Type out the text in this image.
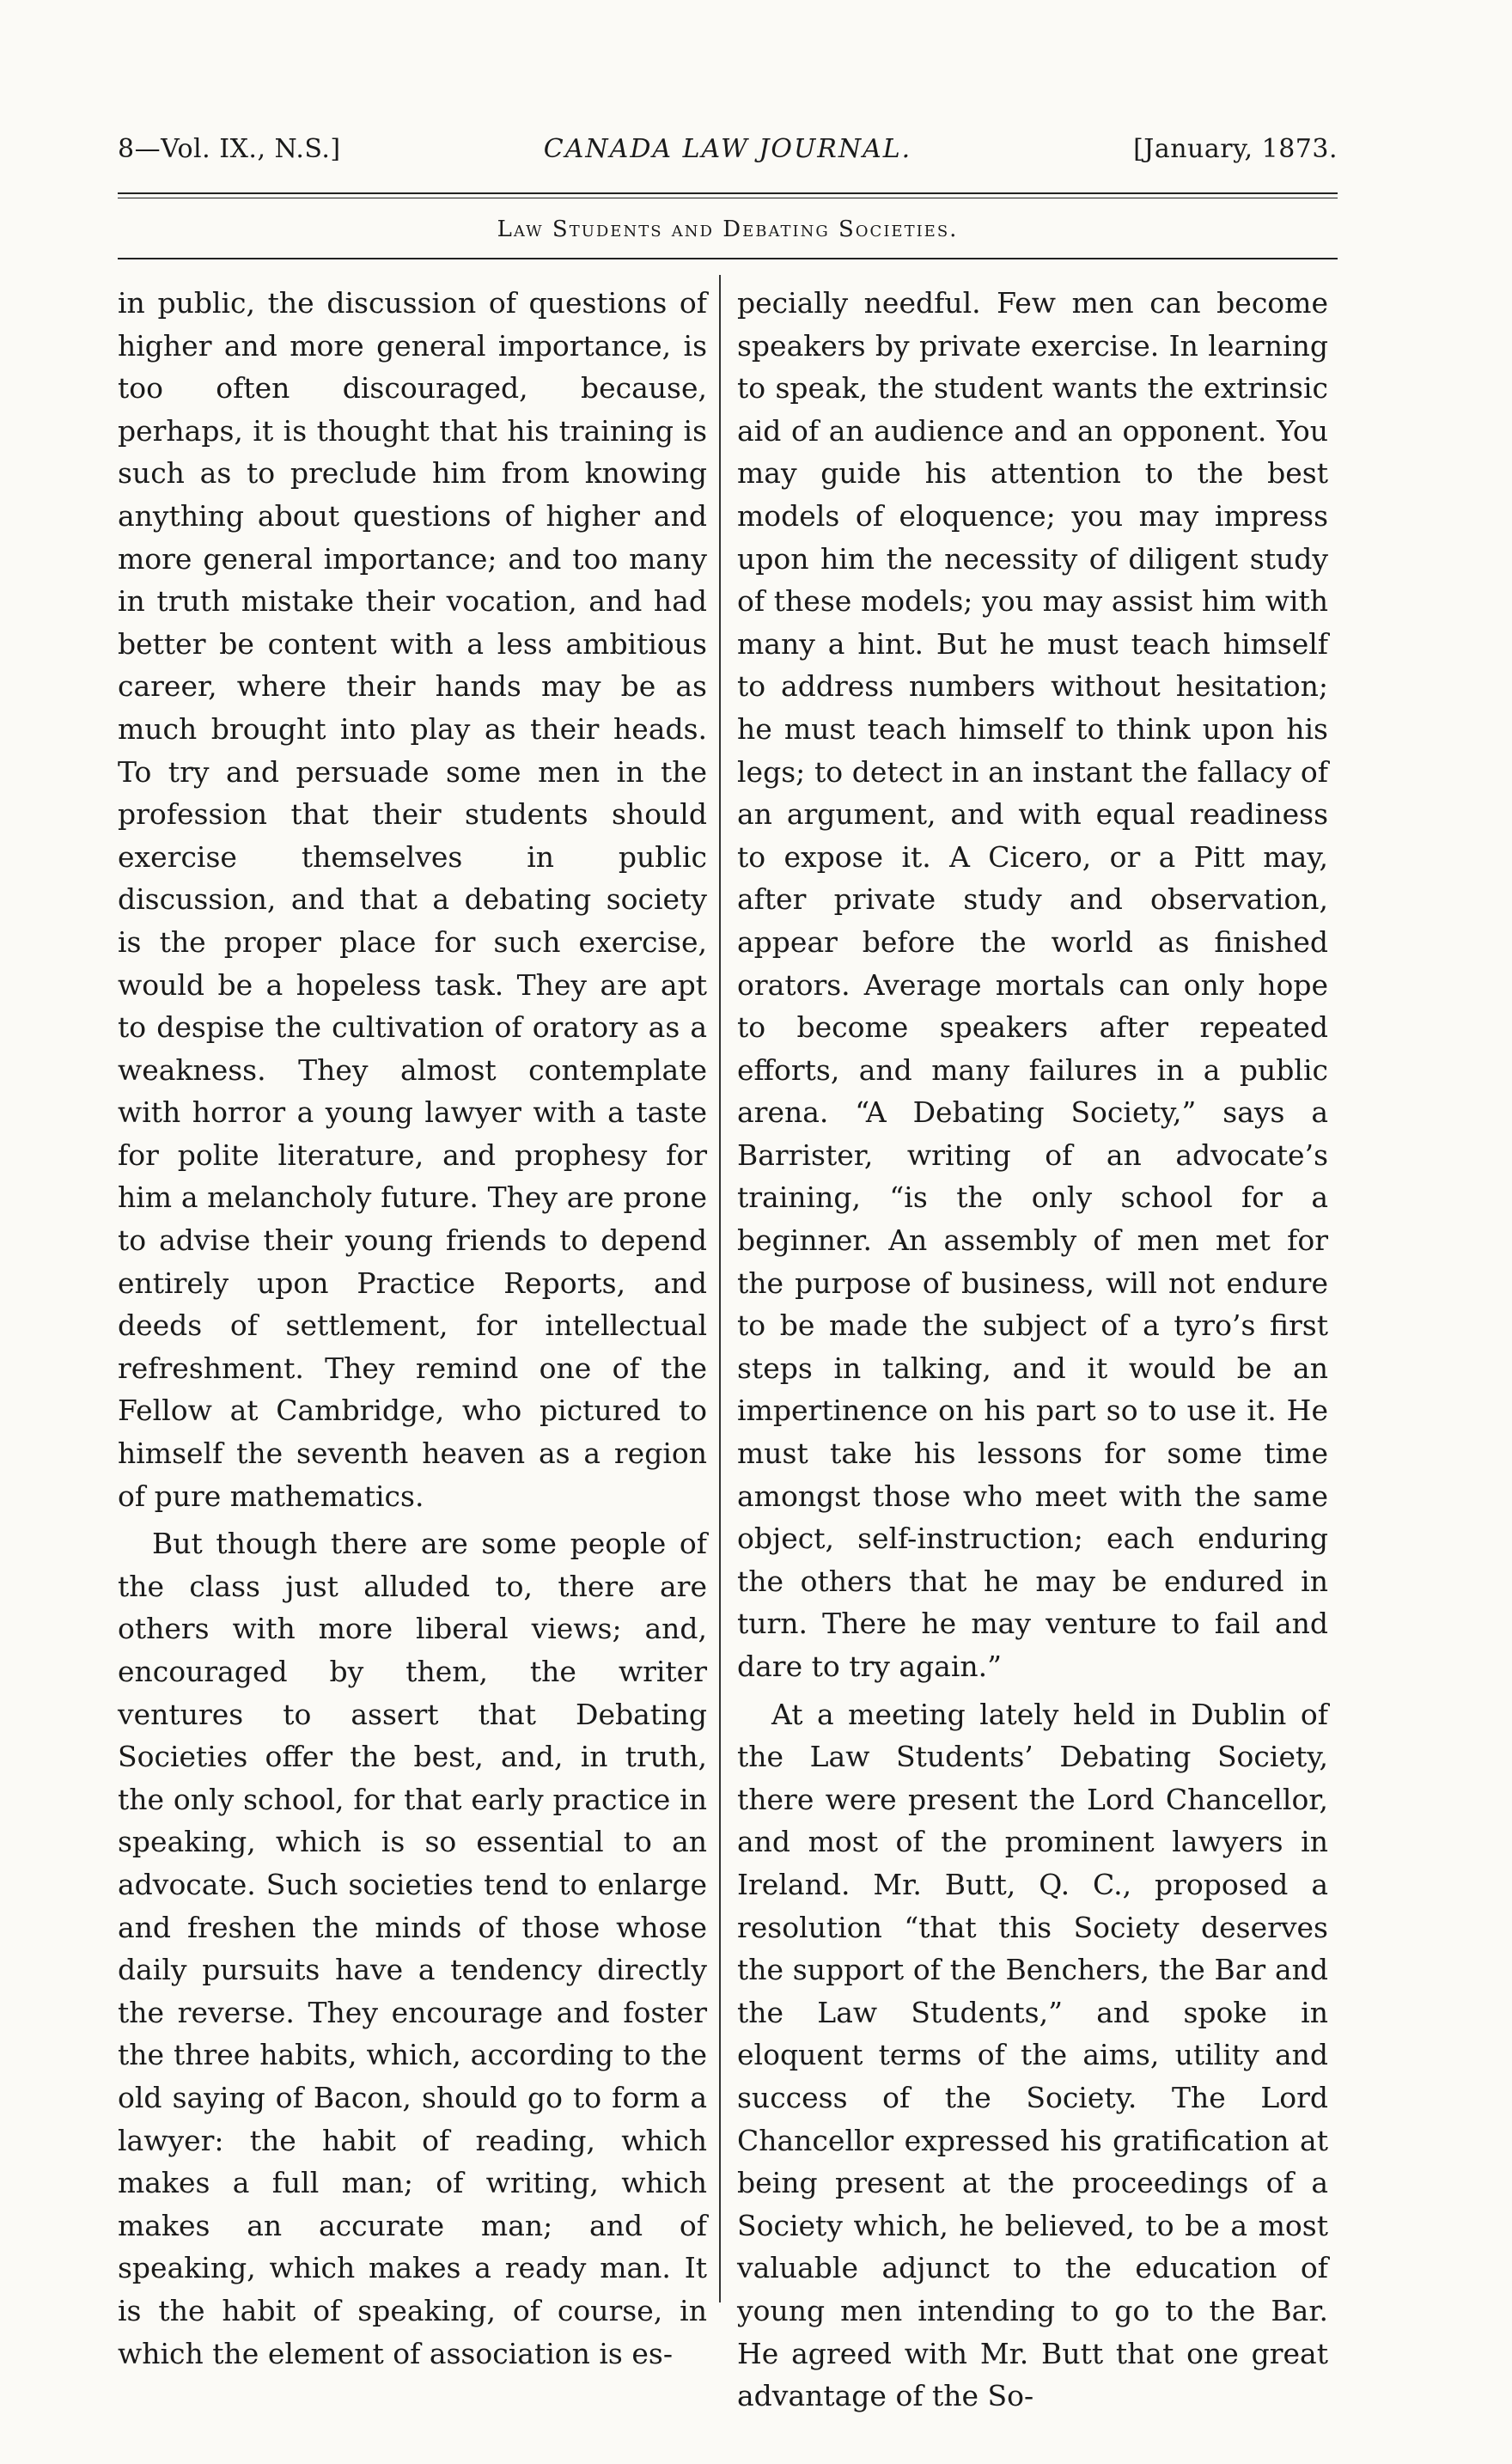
8—Vol. IX., N.S.]	CANADA LAW JOURNAL.	[January, 1873.
Law Students and Debating Societies.

in public, the discussion of questions of higher and more general importance, is too often discouraged, because, perhaps, it is thought that his training is such as to preclude him from knowing anything about questions of higher and more general importance; and too many in truth mistake their vocation, and had better be content with a less ambitious career, where their hands may be as much brought into play as their heads. To try and persuade some men in the profession that their students should exercise themselves in public discussion, and that a debating society is the proper place for such exercise, would be a hopeless task. They are apt to despise the cultivation of oratory as a weakness. They almost contemplate with horror a young lawyer with a taste for polite literature, and prophesy for him a melancholy future. They are prone to advise their young friends to depend entirely upon Practice Reports, and deeds of settlement, for intellectual refreshment. They remind one of the Fellow at Cambridge, who pictured to himself the seventh heaven as a region of pure mathematics.

But though there are some people of the class just alluded to, there are others with more liberal views; and, encouraged by them, the writer ventures to assert that Debating Societies offer the best, and, in truth, the only school, for that early practice in speaking, which is so essential to an advocate. Such societies tend to enlarge and freshen the minds of those whose daily pursuits have a tendency directly the reverse. They encourage and foster the three habits, which, according to the old saying of Bacon, should go to form a lawyer: the habit of reading, which makes a full man; of writing, which makes an accurate man; and of speaking, which makes a ready man. It is the habit of speaking, of course, in which the element of association is es-

pecially needful. Few men can become speakers by private exercise. In learning to speak, the student wants the extrinsic aid of an audience and an opponent. You may guide his attention to the best models of eloquence; you may impress upon him the necessity of diligent study of these models; you may assist him with many a hint. But he must teach himself to address numbers without hesitation; he must teach himself to think upon his legs; to detect in an instant the fallacy of an argument, and with equal readiness to expose it. A Cicero, or a Pitt may, after private study and observation, appear before the world as finished orators. Average mortals can only hope to become speakers after repeated efforts, and many failures in a public arena. “A Debating Society,” says a Barrister, writing of an advocate’s training, “is the only school for a beginner. An assembly of men met for the purpose of business, will not endure to be made the subject of a tyro’s first steps in talking, and it would be an impertinence on his part so to use it. He must take his lessons for some time amongst those who meet with the same object, self-instruction; each enduring the others that he may be endured in turn. There he may venture to fail and dare to try again.”

At a meeting lately held in Dublin of the Law Students’ Debating Society, there were present the Lord Chancellor, and most of the prominent lawyers in Ireland. Mr. Butt, Q. C., proposed a resolution “that this Society deserves the support of the Benchers, the Bar and the Law Students,” and spoke in eloquent terms of the aims, utility and success of the Society. The Lord Chancellor expressed his gratification at being present at the proceedings of a Society which, he believed, to be a most valuable adjunct to the education of young men intending to go to the Bar. He agreed with Mr. Butt that one great advantage of the So-
